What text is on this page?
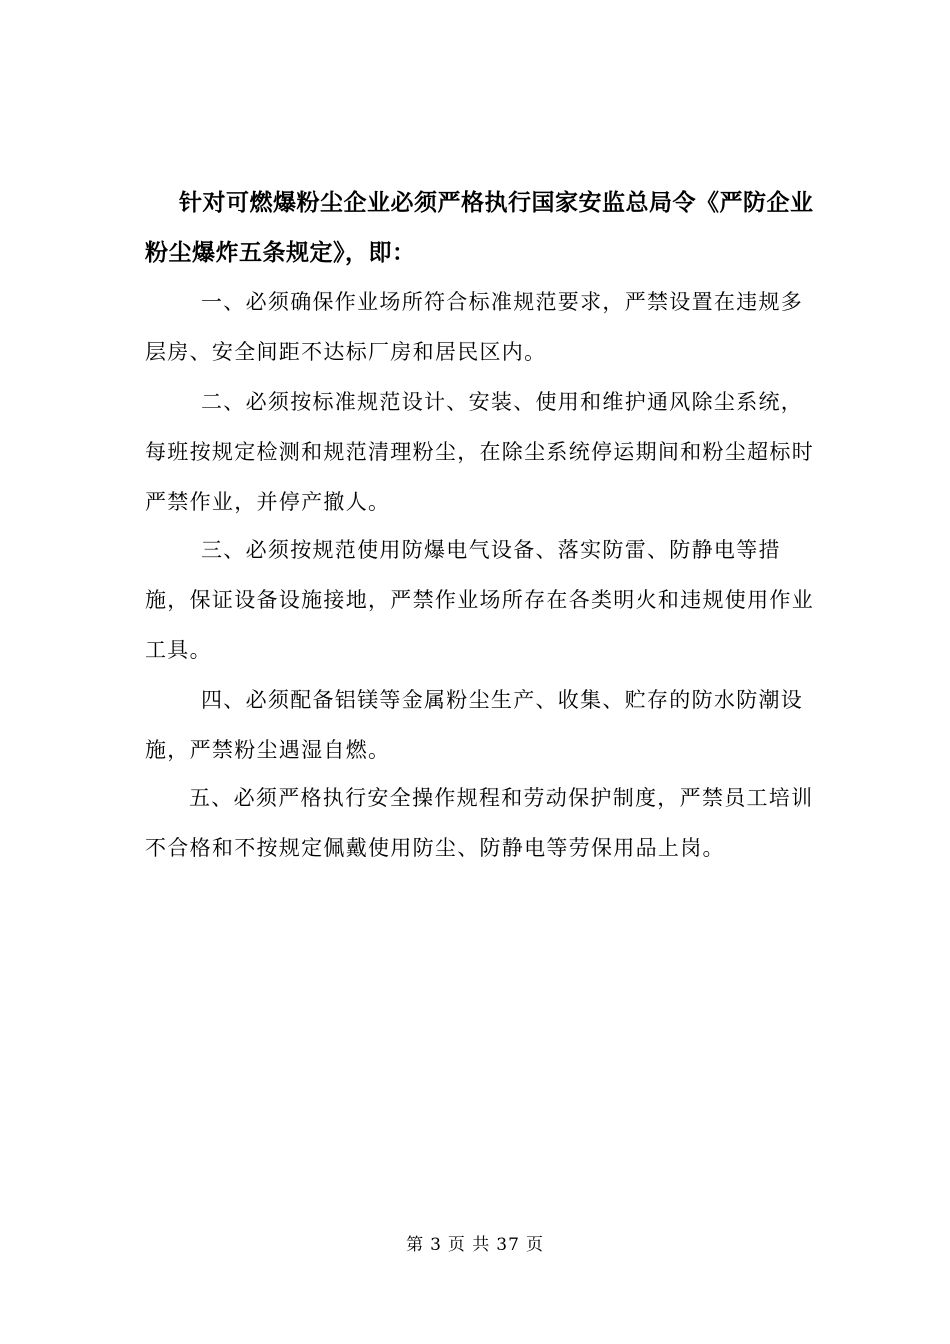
针对可燃爆粉尘企业必须严格执行国家安监总局令《严防企业粉尘爆炸五条规定》，即：

一、必须确保作业场所符合标准规范要求，严禁设置在违规多层房、安全间距不达标厂房和居民区内。

二、必须按标准规范设计、安装、使用和维护通风除尘系统，每班按规定检测和规范清理粉尘，在除尘系统停运期间和粉尘超标时严禁作业，并停产撤人。

三、必须按规范使用防爆电气设备、落实防雷、防静电等措施，保证设备设施接地，严禁作业场所存在各类明火和违规使用作业工具。

四、必须配备铝镁等金属粉尘生产、收集、贮存的防水防潮设施，严禁粉尘遇湿自燃。

五、必须严格执行安全操作规程和劳动保护制度，严禁员工培训不合格和不按规定佩戴使用防尘、防静电等劳保用品上岗。

第 3 页 共 37 页
